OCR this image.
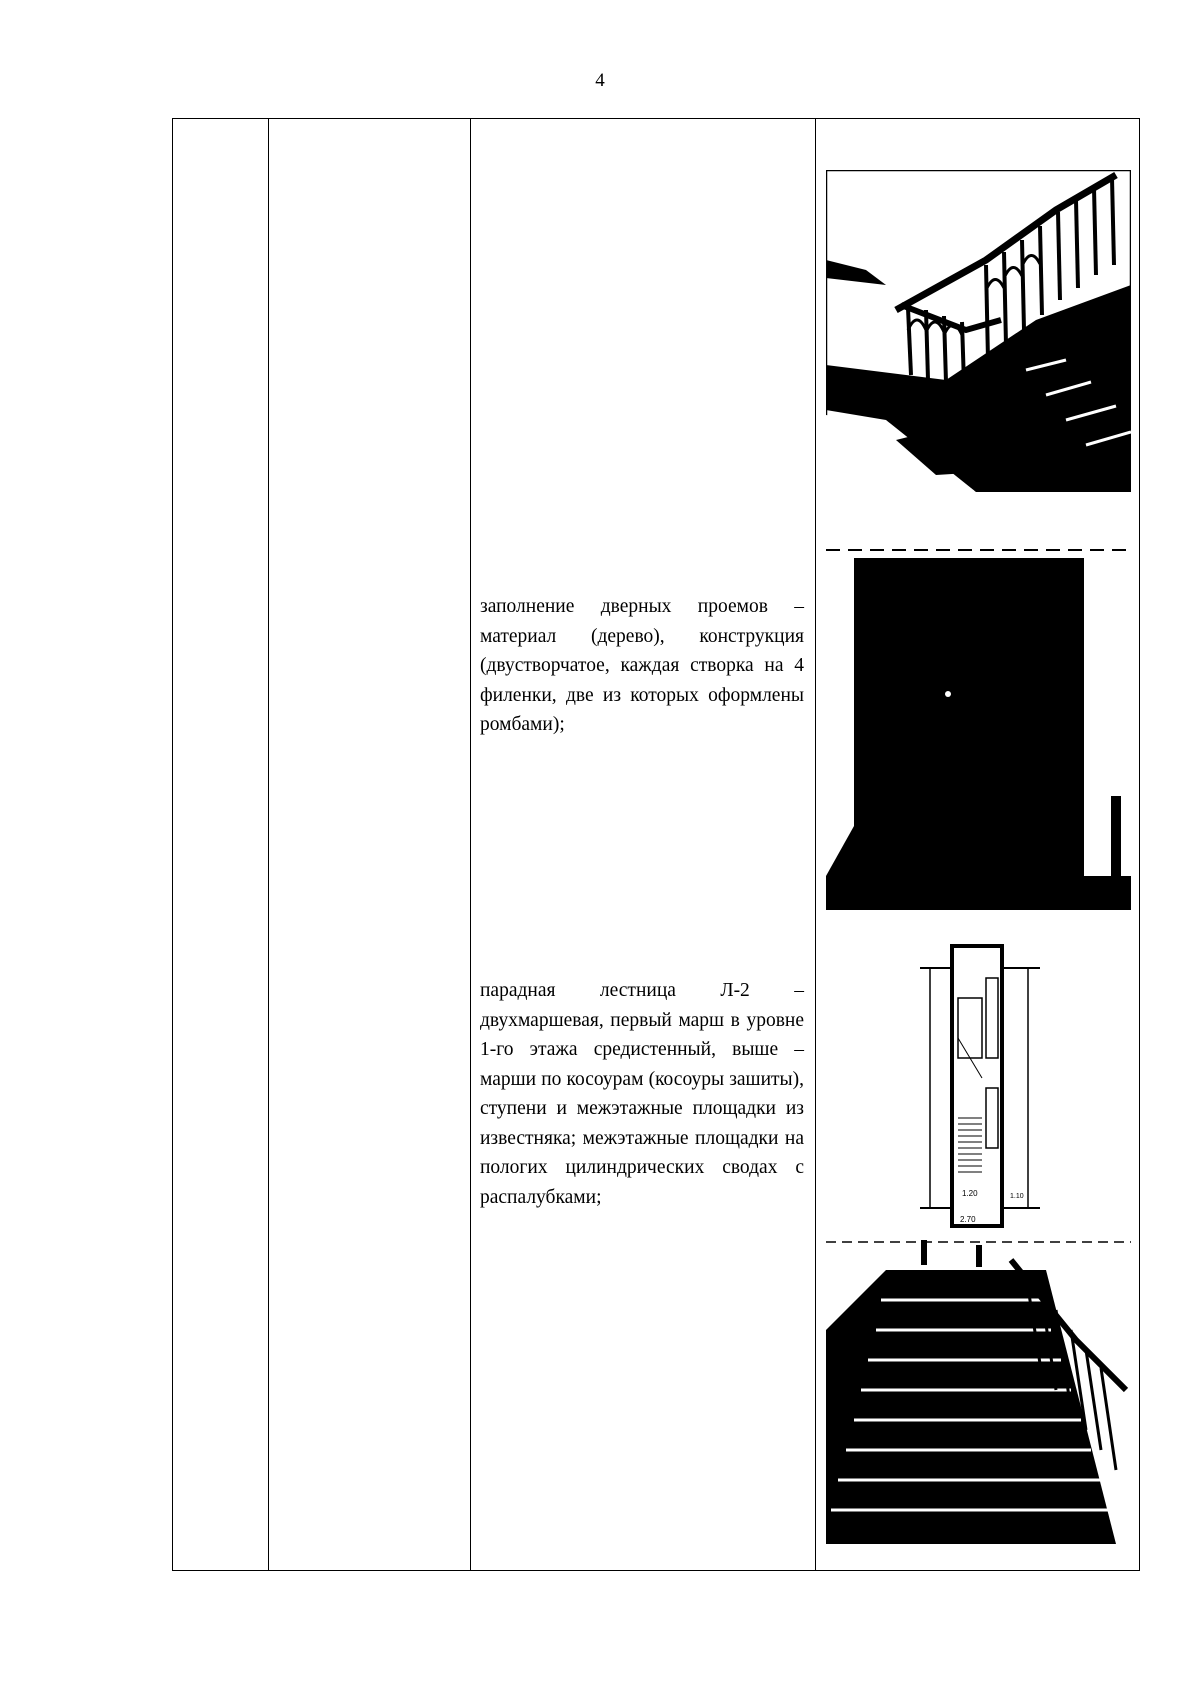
4
заполнение дверных проемов – материал (дерево), конструкция (двустворчатое, каждая створка на 4 филенки, две из которых оформлены ромбами);
парадная лестница Л-2 – двухмаршевая, первый марш в уровне 1-го этажа средистенный, выше – марши по косоурам (косоуры зашиты), ступени и межэтажные площадки из известняка; межэтажные площадки на пологих цилиндрических сводах с распалубками;	1.20
2.70
1.10
